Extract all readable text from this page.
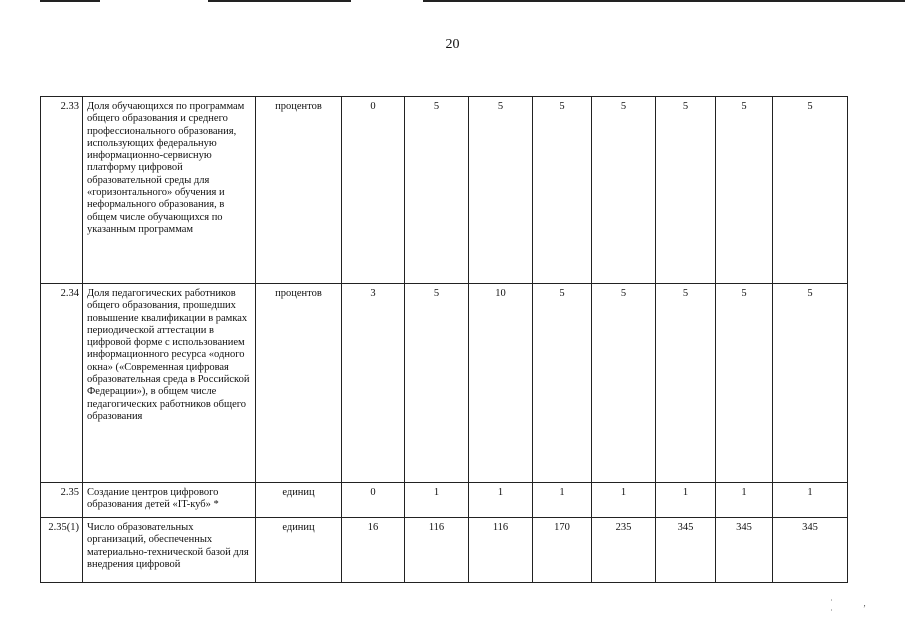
20
2.33	Доля обучающихся по программам общего образования и среднего профессионального образования, использующих федеральную информационно-сервисную платформу цифровой образовательной среды для «горизонтального» обучения и неформального образования, в общем числе обучающихся по указанным программам	процентов	0	5	5	5	5	5	5	5
2.34	Доля педагогических работников общего образования, прошедших повышение квалификации в рамках периодической аттестации в цифровой форме с использованием информационного ресурса «одного окна» («Современная цифровая образовательная среда в Российской Федерации»), в общем числе педагогических работников общего образования	процентов	3	5	10	5	5	5	5	5
2.35	Создание центров цифрового образования детей «IT-куб» *	единиц	0	1	1	1	1	1	1	1
2.35(1)	Число образовательных организаций, обеспеченных материально-технической базой для внедрения цифровой	единиц	16	116	116	170	235	345	345	345
˙‚ ʿ
